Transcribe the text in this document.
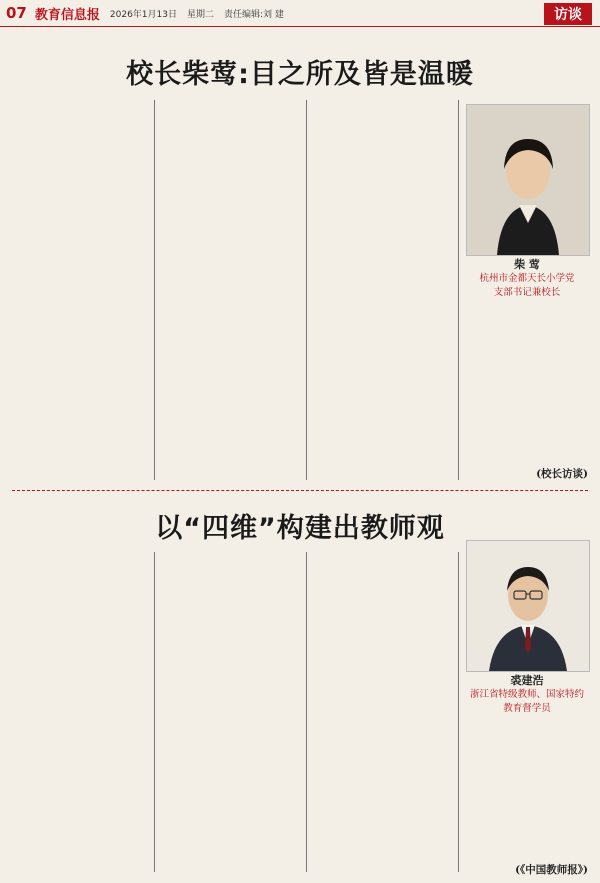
07 教育信息报 2026年1月13日 星期二 责任编辑:刘 建	访谈
校长柴莺:目之所及皆是温暖
柴 莺
杭州市金都天长小学党
支部书记兼校长
(校长访谈)
以“四维”构建出教师观
裘建浩
浙江省特级教师、国家特约
教育督学员
(《中国教师报》)
